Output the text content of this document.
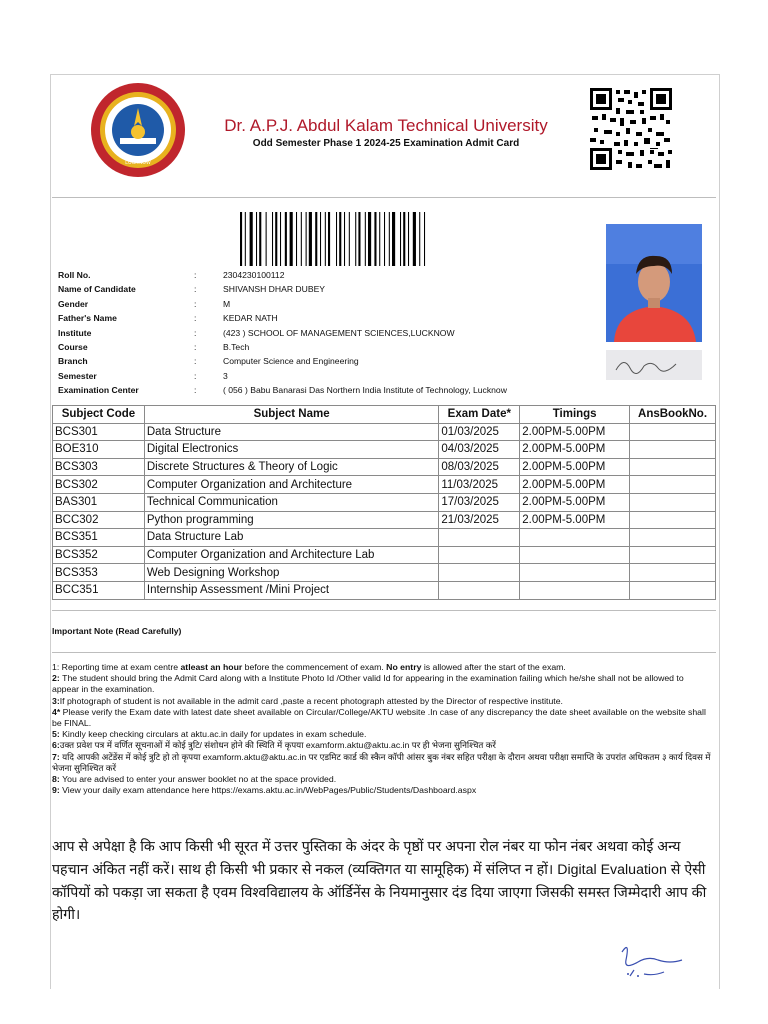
LUCKNOW
Dr. A.P.J. Abdul Kalam Technical University
Odd Semester Phase 1 2024-25 Examination Admit Card
Roll No.	:	2304230100112
Name of Candidate	:	SHIVANSH DHAR DUBEY
Gender	:	M
Father's Name	:	KEDAR NATH
Institute	:	(423 ) SCHOOL OF MANAGEMENT SCIENCES,LUCKNOW
Course	:	B.Tech
Branch	:	Computer Science and Engineering
Semester	:	3
Examination Center	:	( 056 ) Babu Banarasi Das Northern India Institute of Technology, Lucknow
Subject Code	Subject Name	Exam Date*	Timings	AnsBookNo.
BCS301	Data Structure	01/03/2025	2.00PM-5.00PM	
BOE310	Digital Electronics	04/03/2025	2.00PM-5.00PM	
BCS303	Discrete Structures & Theory of Logic	08/03/2025	2.00PM-5.00PM	
BCS302	Computer Organization and Architecture	11/03/2025	2.00PM-5.00PM	
BAS301	Technical Communication	17/03/2025	2.00PM-5.00PM	
BCC302	Python programming	21/03/2025	2.00PM-5.00PM	
BCS351	Data Structure Lab			
BCS352	Computer Organization and Architecture Lab			
BCS353	Web Designing Workshop			
BCC351	Internship Assessment /Mini Project			
Important Note (Read Carefully)

1: Reporting time at exam centre atleast an hour before the commencement of exam. No entry is allowed after the start of the exam.

2: The student should bring the Admit Card along with a Institute Photo Id /Other valid Id for appearing in the examination failing which he/she shall not be allowed to appear in the examination.

3:If photograph of student is not available in the admit card ,paste a recent photograph attested by the Director of respective institute.

4* Please verify the Exam date with latest date sheet available on Circular/College/AKTU website .In case of any discrepancy the date sheet available on the website shall be FINAL.

5: Kindly keep checking circulars at aktu.ac.in daily for updates in exam schedule.

6:उक्त प्रवेश पत्र में वर्णित सूचनाओं में कोई त्रुटि/ संशोधन होने की स्थिति में कृपया examform.aktu@aktu.ac.in पर ही भेजना सुनिश्चित करें

7: यदि आपकी अटेंडेंस में कोई त्रुटि हो तो कृपया examform.aktu@aktu.ac.in पर एडमिट कार्ड की स्कैन कॉपी आंसर बुक नंबर सहित परीक्षा के दौरान अथवा परीक्षा समाप्ति के उपरांत अधिकतम ३ कार्य दिवस में भेजना सुनिश्चित करें

8: You are advised to enter your answer booklet no at the space provided.

9: View your daily exam attendance here https://exams.aktu.ac.in/WebPages/Public/Students/Dashboard.aspx

आप से अपेक्षा है कि आप किसी भी सूरत में उत्तर पुस्तिका के अंदर के पृष्ठों पर अपना रोल नंबर या फोन नंबर अथवा कोई अन्य पहचान अंकित नहीं करें। साथ ही किसी भी प्रकार से नकल (व्यक्तिगत या सामूहिक) में संलिप्त न हों। Digital Evaluation से ऐसी कॉपियों को पकड़ा जा सकता है एवम विश्वविद्यालय के ऑर्डिनेंस के नियमानुसार दंड दिया जाएगा जिसकी समस्त जिम्मेदारी आप की होगी।
